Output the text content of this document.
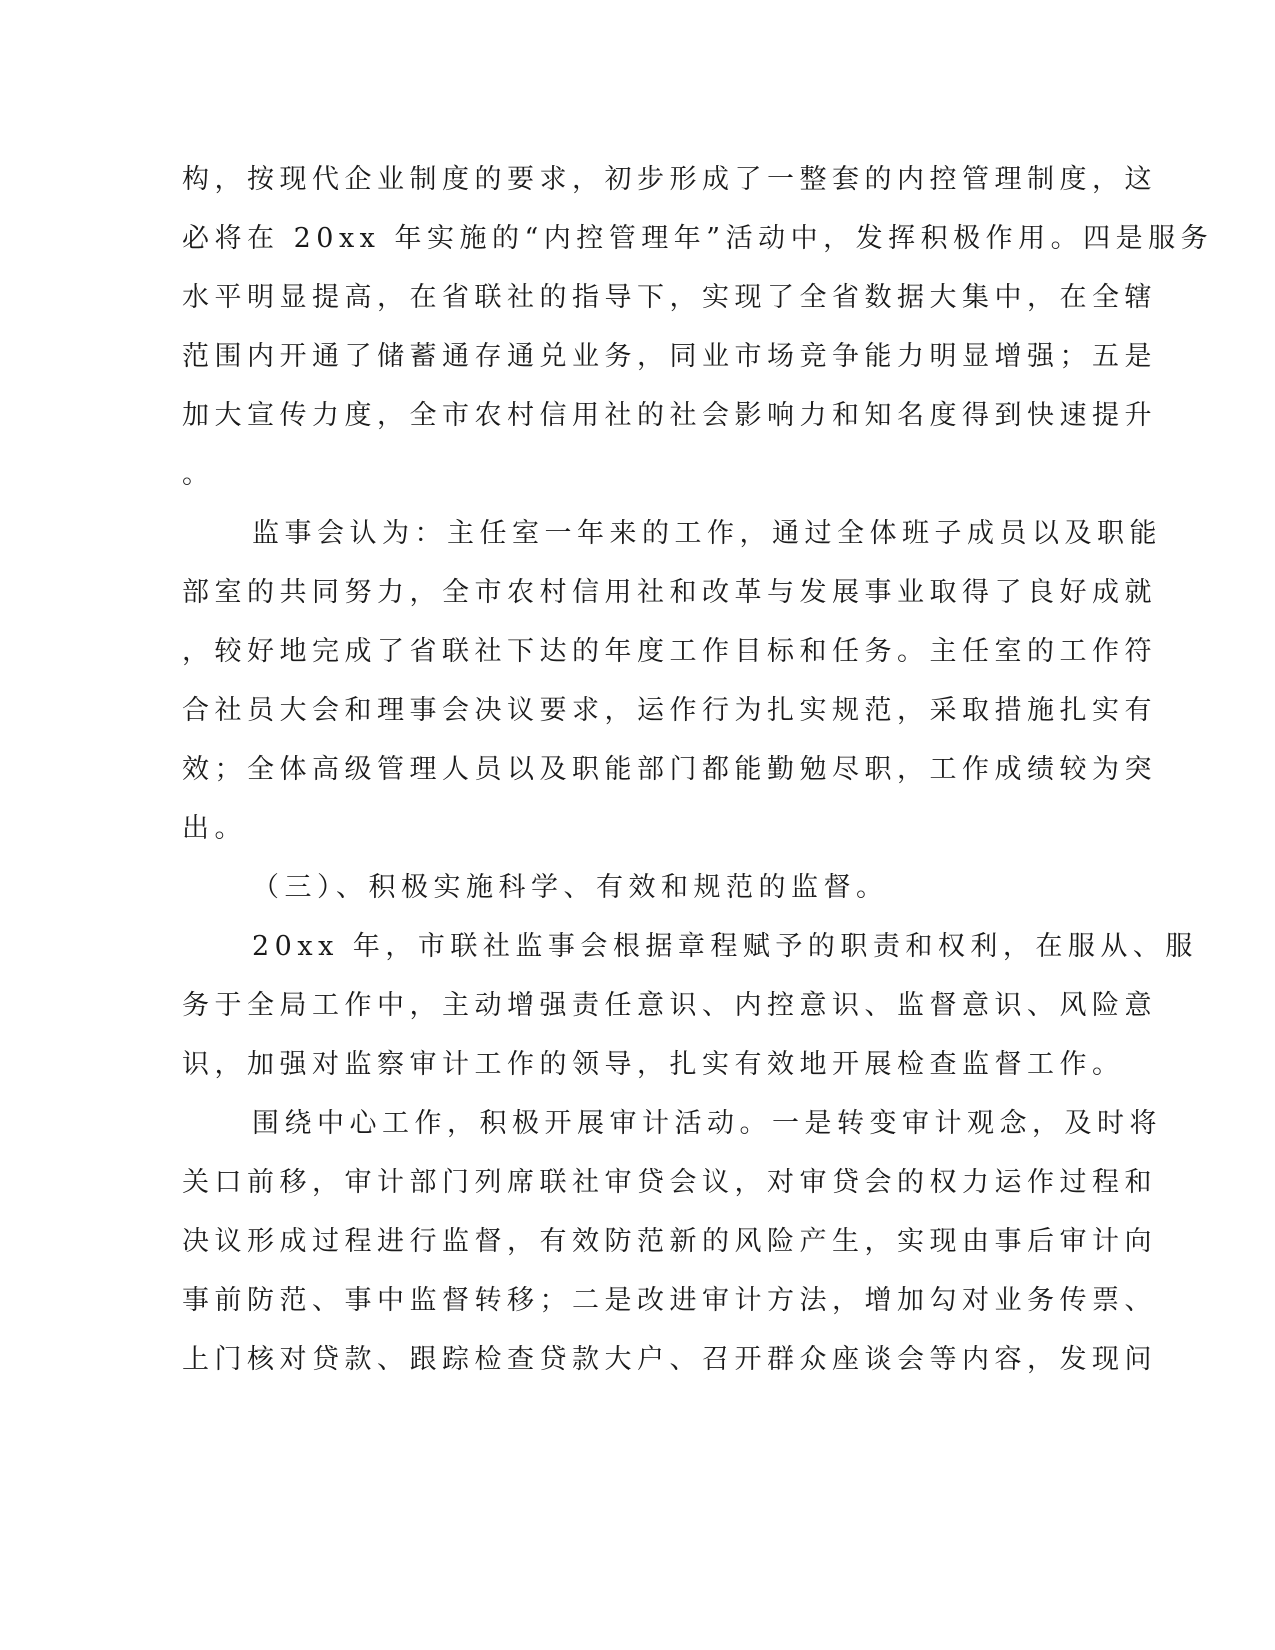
构，按现代企业制度的要求，初步形成了一整套的内控管理制度，这
必将在 20xx 年实施的“内控管理年”活动中，发挥积极作用。四是服务
水平明显提高，在省联社的指导下，实现了全省数据大集中，在全辖
范围内开通了储蓄通存通兑业务，同业市场竞争能力明显增强；五是
加大宣传力度，全市农村信用社的社会影响力和知名度得到快速提升
。
监事会认为：主任室一年来的工作，通过全体班子成员以及职能
部室的共同努力，全市农村信用社和改革与发展事业取得了良好成就
，较好地完成了省联社下达的年度工作目标和任务。主任室的工作符
合社员大会和理事会决议要求，运作行为扎实规范，采取措施扎实有
效；全体高级管理人员以及职能部门都能勤勉尽职，工作成绩较为突
出。
（三）、积极实施科学、有效和规范的监督。
20xx 年，市联社监事会根据章程赋予的职责和权利，在服从、服
务于全局工作中，主动增强责任意识、内控意识、监督意识、风险意
识，加强对监察审计工作的领导，扎实有效地开展检查监督工作。
围绕中心工作，积极开展审计活动。一是转变审计观念，及时将
关口前移，审计部门列席联社审贷会议，对审贷会的权力运作过程和
决议形成过程进行监督，有效防范新的风险产生，实现由事后审计向
事前防范、事中监督转移；二是改进审计方法，增加勾对业务传票、
上门核对贷款、跟踪检查贷款大户、召开群众座谈会等内容，发现问
